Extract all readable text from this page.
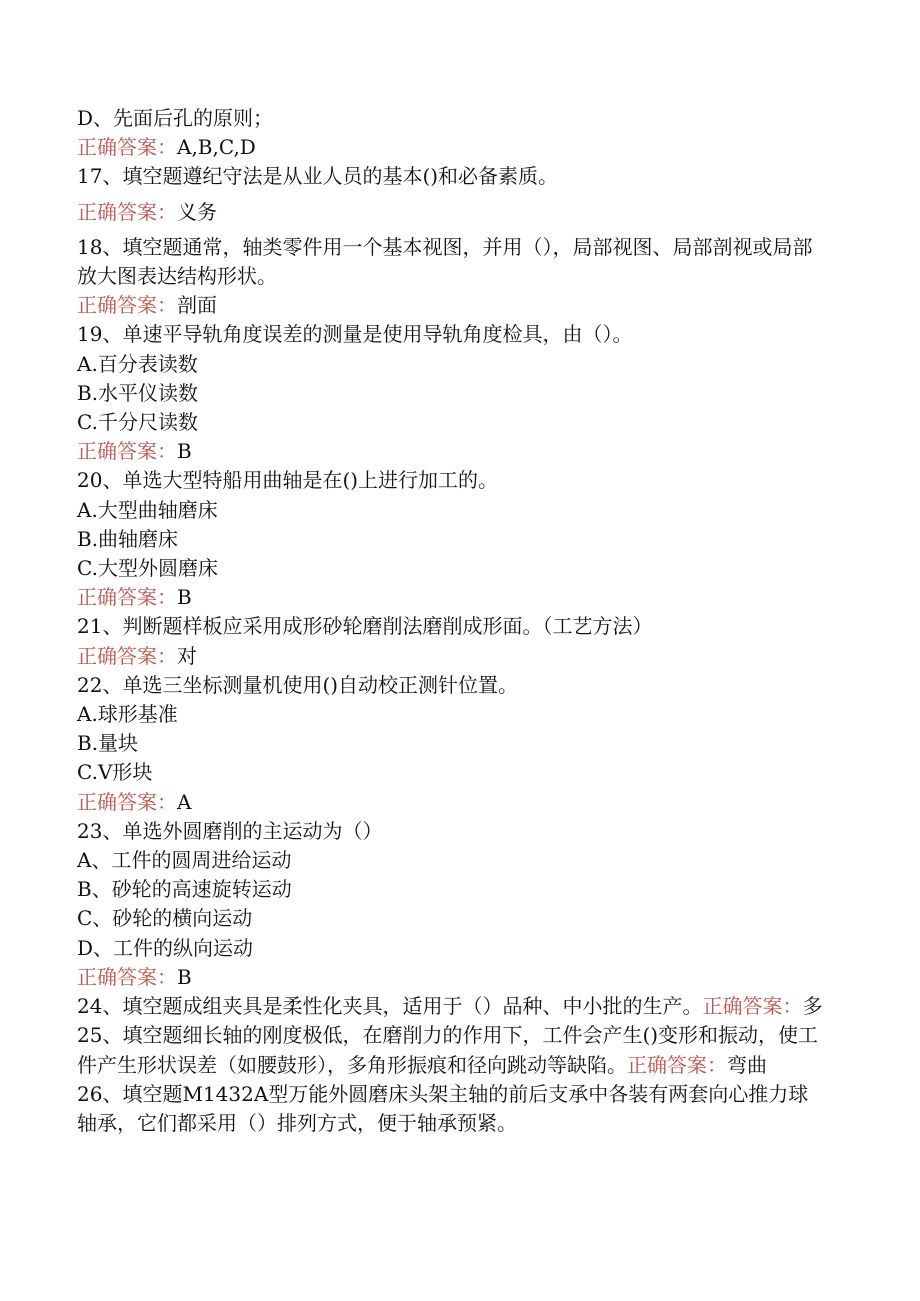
D、先面后孔的原则；
正确答案：A,B,C,D
17、填空题遵纪守法是从业人员的基本()和必备素质。
正确答案：义务
18、填空题通常，轴类零件用一个基本视图，并用（），局部视图、局部剖视或局部放大图表达结构形状。
正确答案：剖面
19、单速平导轨角度误差的测量是使用导轨角度检具，由（）。
A.百分表读数
B.水平仪读数
C.千分尺读数
正确答案：B
20、单选大型特船用曲轴是在()上进行加工的。
A.大型曲轴磨床
B.曲轴磨床
C.大型外圆磨床
正确答案：B
21、判断题样板应采用成形砂轮磨削法磨削成形面。（工艺方法）
正确答案：对
22、单选三坐标测量机使用()自动校正测针位置。
A.球形基准
B.量块
C.V形块
正确答案：A
23、单选外圆磨削的主运动为（）
A、工件的圆周进给运动
B、砂轮的高速旋转运动
C、砂轮的横向运动
D、工件的纵向运动
正确答案：B
24、填空题成组夹具是柔性化夹具，适用于（）品种、中小批的生产。正确答案：多
25、填空题细长轴的刚度极低，在磨削力的作用下，工件会产生()变形和振动，使工件产生形状误差（如腰鼓形），多角形振痕和径向跳动等缺陷。正确答案：弯曲
26、填空题M1432A型万能外圆磨床头架主轴的前后支承中各装有两套向心推力球轴承，它们都采用（）排列方式，便于轴承预紧。
